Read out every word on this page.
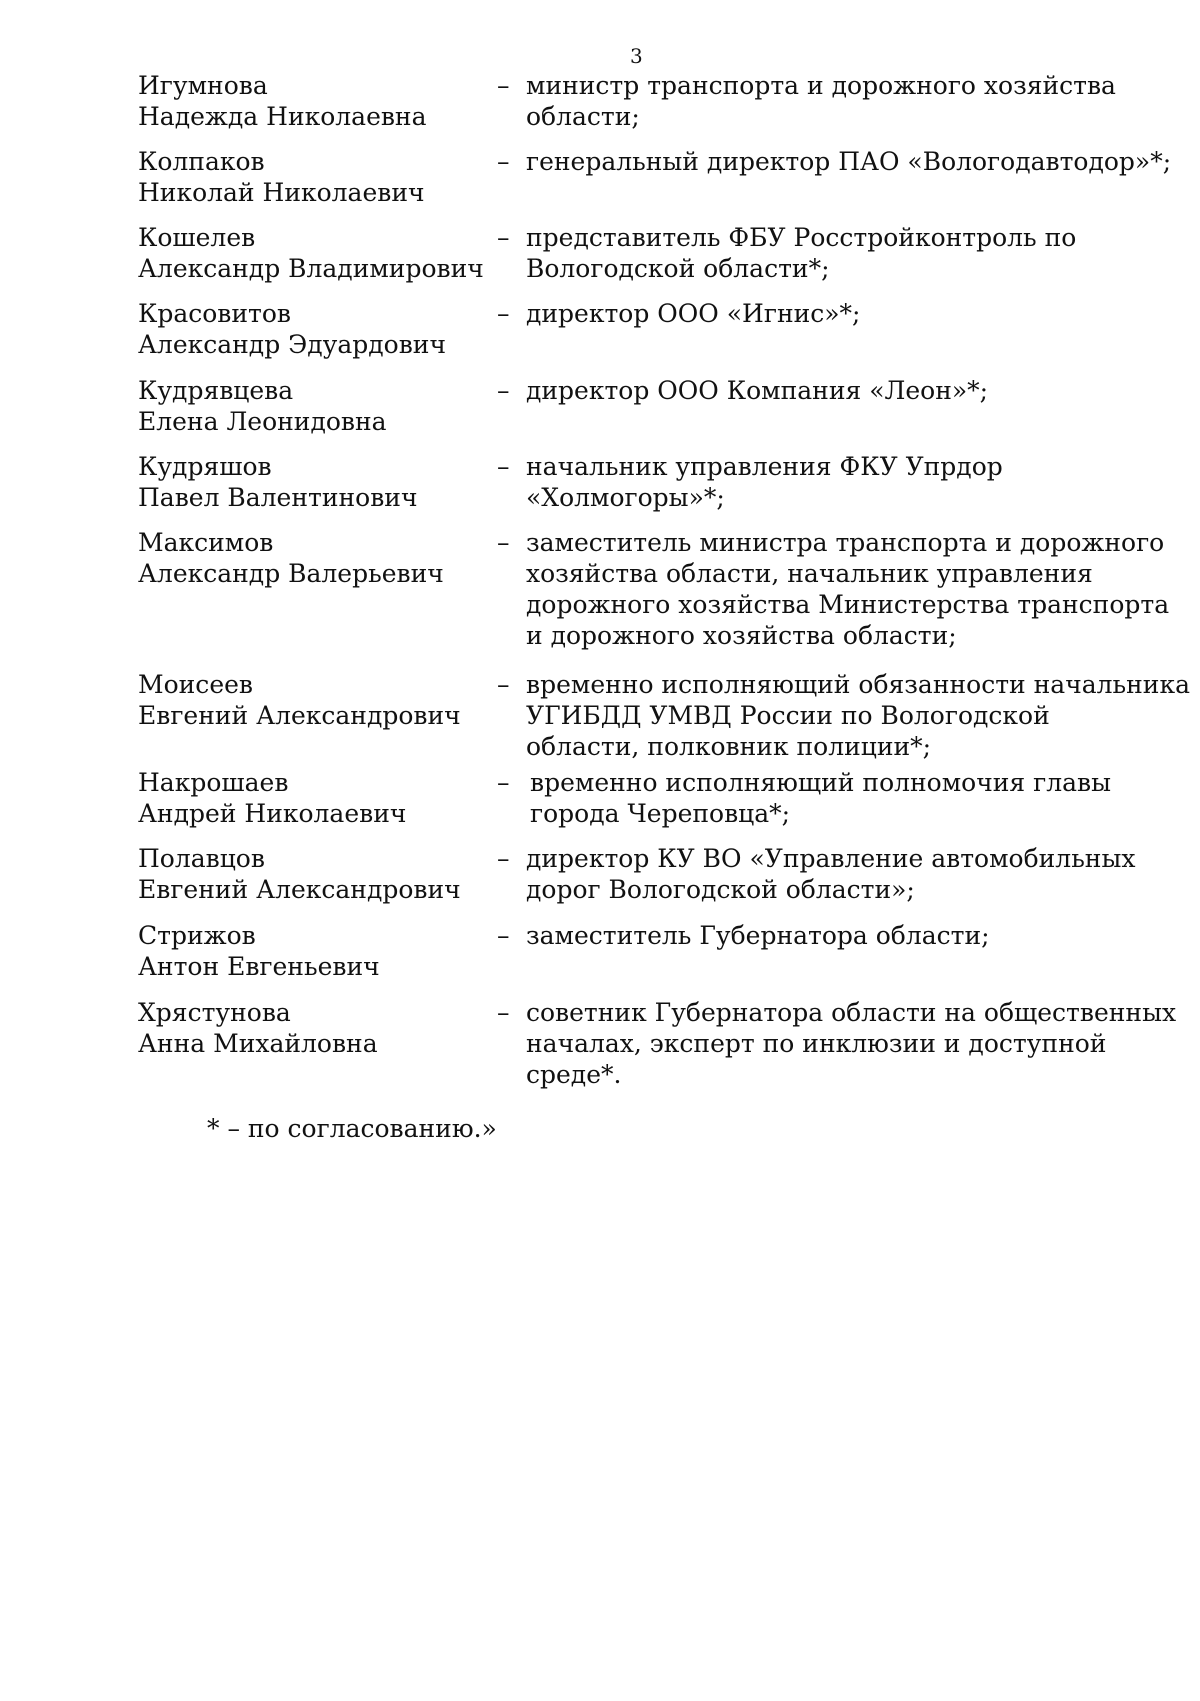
3
Игумнова
Надежда Николаевна
– министр транспорта и дорожного хозяйства
области;
Колпаков
Николай Николаевич
– генеральный директор ПАО «Вологодавтодор»*;
Кошелев
Александр Владимирович
– представитель ФБУ Росстройконтроль по
Вологодской области*;
Красовитов
Александр Эдуардович
– директор ООО «Игнис»*;
Кудрявцева
Елена Леонидовна
– директор ООО Компания «Леон»*;
Кудряшов
Павел Валентинович
– начальник управления ФКУ Упрдор
«Холмогоры»*;
Максимов
Александр Валерьевич
– заместитель министра транспорта и дорожного
хозяйства области, начальник управления
дорожного хозяйства Министерства транспорта
и дорожного хозяйства области;
Моисеев
Евгений Александрович
– временно исполняющий обязанности начальника
УГИБДД УМВД России по Вологодской
области, полковник полиции*;
Накрошаев
Андрей Николаевич
– временно исполняющий полномочия главы
города Череповца*;
Полавцов
Евгений Александрович
– директор КУ ВО «Управление автомобильных
дорог Вологодской области»;
Стрижов
Антон Евгеньевич
– заместитель Губернатора области;
Хрястунова
Анна Михайловна
– советник Губернатора области на общественных
началах, эксперт по инклюзии и доступной
среде*.
* – по согласованию.»
